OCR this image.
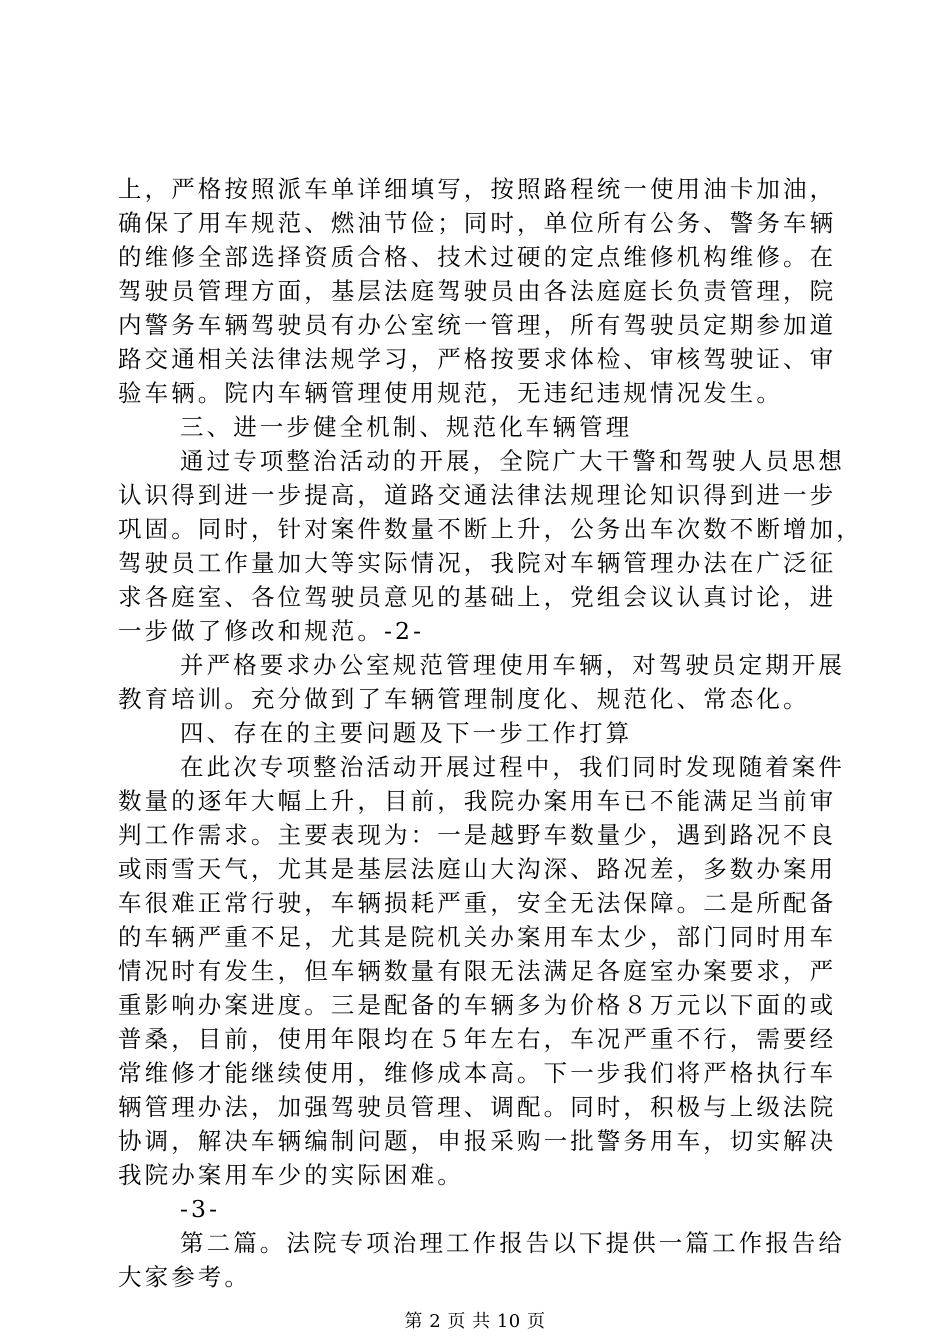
上，严格按照派车单详细填写，按照路程统一使用油卡加油，
确保了用车规范、燃油节俭；同时，单位所有公务、警务车辆
的维修全部选择资质合格、技术过硬的定点维修机构维修。在
驾驶员管理方面，基层法庭驾驶员由各法庭庭长负责管理，院
内警务车辆驾驶员有办公室统一管理，所有驾驶员定期参加道
路交通相关法律法规学习，严格按要求体检、审核驾驶证、审
验车辆。院内车辆管理使用规范，无违纪违规情况发生。
三、进一步健全机制、规范化车辆管理
通过专项整治活动的开展，全院广大干警和驾驶人员思想
认识得到进一步提高，道路交通法律法规理论知识得到进一步
巩固。同时，针对案件数量不断上升，公务出车次数不断增加，
驾驶员工作量加大等实际情况，我院对车辆管理办法在广泛征
求各庭室、各位驾驶员意见的基础上，党组会议认真讨论，进
一步做了修改和规范。-2-
并严格要求办公室规范管理使用车辆，对驾驶员定期开展
教育培训。充分做到了车辆管理制度化、规范化、常态化。
四、存在的主要问题及下一步工作打算
在此次专项整治活动开展过程中，我们同时发现随着案件
数量的逐年大幅上升，目前，我院办案用车已不能满足当前审
判工作需求。主要表现为：一是越野车数量少，遇到路况不良
或雨雪天气，尤其是基层法庭山大沟深、路况差，多数办案用
车很难正常行驶，车辆损耗严重，安全无法保障。二是所配备
的车辆严重不足，尤其是院机关办案用车太少，部门同时用车
情况时有发生，但车辆数量有限无法满足各庭室办案要求，严
重影响办案进度。三是配备的车辆多为价格８万元以下面的或
普桑，目前，使用年限均在５年左右，车况严重不行，需要经
常维修才能继续使用，维修成本高。下一步我们将严格执行车
辆管理办法，加强驾驶员管理、调配。同时，积极与上级法院
协调，解决车辆编制问题，申报采购一批警务用车，切实解决
我院办案用车少的实际困难。
-3-
第二篇。法院专项治理工作报告以下提供一篇工作报告给
大家参考。
第 2 页 共 10 页
